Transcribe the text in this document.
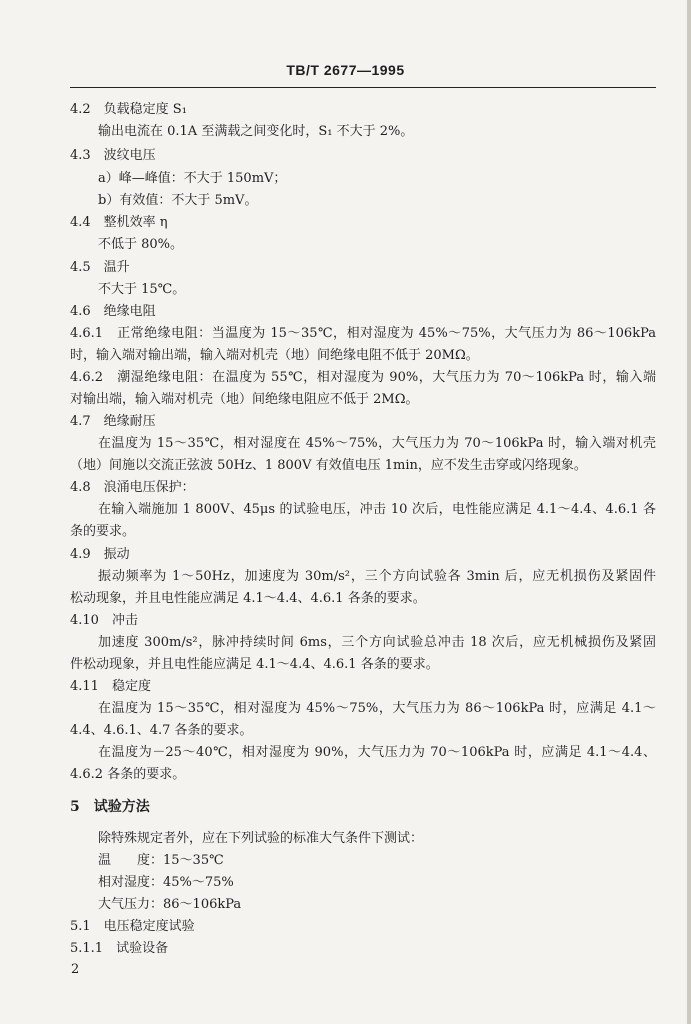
TB/T 2677—1995
4.2　负载稳定度 S₁
输出电流在 0.1A 至满载之间变化时，S₁ 不大于 2%。
4.3　波纹电压
a）峰—峰值：不大于 150mV；
b）有效值：不大于 5mV。
4.4　整机效率 η
不低于 80%。
4.5　温升
不大于 15℃。
4.6　绝缘电阻
4.6.1　正常绝缘电阻：当温度为 15～35℃，相对湿度为 45%～75%，大气压力为 86～106kPa
时，输入端对输出端，输入端对机壳（地）间绝缘电阻不低于 20MΩ。
4.6.2　潮湿绝缘电阻：在温度为 55℃，相对湿度为 90%，大气压力为 70～106kPa 时，输入端
对输出端，输入端对机壳（地）间绝缘电阻应不低于 2MΩ。
4.7　绝缘耐压
在温度为 15～35℃，相对湿度在 45%～75%，大气压力为 70～106kPa 时，输入端对机壳
（地）间施以交流正弦波 50Hz、1 800V 有效值电压 1min，应不发生击穿或闪络现象。
4.8　浪涌电压保护：
在输入端施加 1 800V、45μs 的试验电压，冲击 10 次后，电性能应满足 4.1～4.4、4.6.1 各
条的要求。
4.9　振动
振动频率为 1～50Hz，加速度为 30m/s²，三个方向试验各 3min 后，应无机损伤及紧固件
松动现象，并且电性能应满足 4.1～4.4、4.6.1 各条的要求。
4.10　冲击
加速度 300m/s²，脉冲持续时间 6ms，三个方向试验总冲击 18 次后，应无机械损伤及紧固
件松动现象，并且电性能应满足 4.1～4.4、4.6.1 各条的要求。
4.11　稳定度
在温度为 15～35℃，相对湿度为 45%～75%，大气压力为 86～106kPa 时，应满足 4.1～
4.4、4.6.1、4.7 各条的要求。
在温度为－25～40℃，相对湿度为 90%，大气压力为 70～106kPa 时，应满足 4.1～4.4、
4.6.2 各条的要求。
5　试验方法
除特殊规定者外，应在下列试验的标准大气条件下测试：
温　　度：15～35℃
相对湿度：45%～75%
大气压力：86～106kPa
5.1　电压稳定度试验
5.1.1　试验设备
2
